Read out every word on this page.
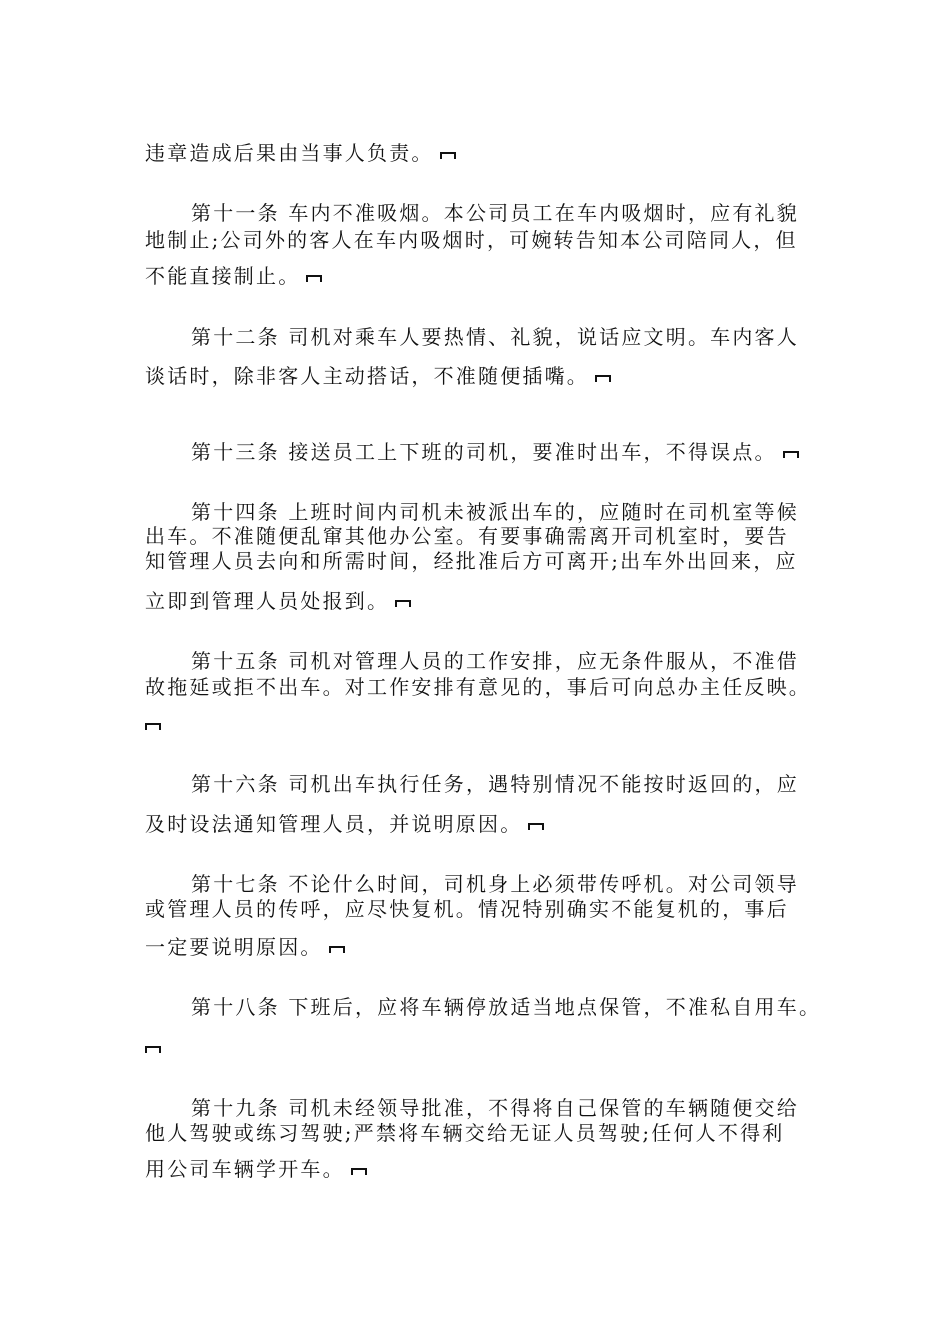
违章造成后果由当事人负责。
第十一条 车内不准吸烟。本公司员工在车内吸烟时，应有礼貌
地制止;公司外的客人在车内吸烟时，可婉转告知本公司陪同人，但
不能直接制止。
第十二条 司机对乘车人要热情、礼貌，说话应文明。车内客人
谈话时，除非客人主动搭话，不准随便插嘴。
第十三条 接送员工上下班的司机，要准时出车，不得误点。
第十四条 上班时间内司机未被派出车的，应随时在司机室等候
出车。不准随便乱窜其他办公室。有要事确需离开司机室时，要告
知管理人员去向和所需时间，经批准后方可离开;出车外出回来，应
立即到管理人员处报到。
第十五条 司机对管理人员的工作安排，应无条件服从，不准借
故拖延或拒不出车。对工作安排有意见的，事后可向总办主任反映。
第十六条 司机出车执行任务，遇特别情况不能按时返回的，应
及时设法通知管理人员，并说明原因。
第十七条 不论什么时间，司机身上必须带传呼机。对公司领导
或管理人员的传呼，应尽快复机。情况特别确实不能复机的，事后
一定要说明原因。
第十八条 下班后，应将车辆停放适当地点保管，不准私自用车。
第十九条 司机未经领导批准，不得将自己保管的车辆随便交给
他人驾驶或练习驾驶;严禁将车辆交给无证人员驾驶;任何人不得利
用公司车辆学开车。
